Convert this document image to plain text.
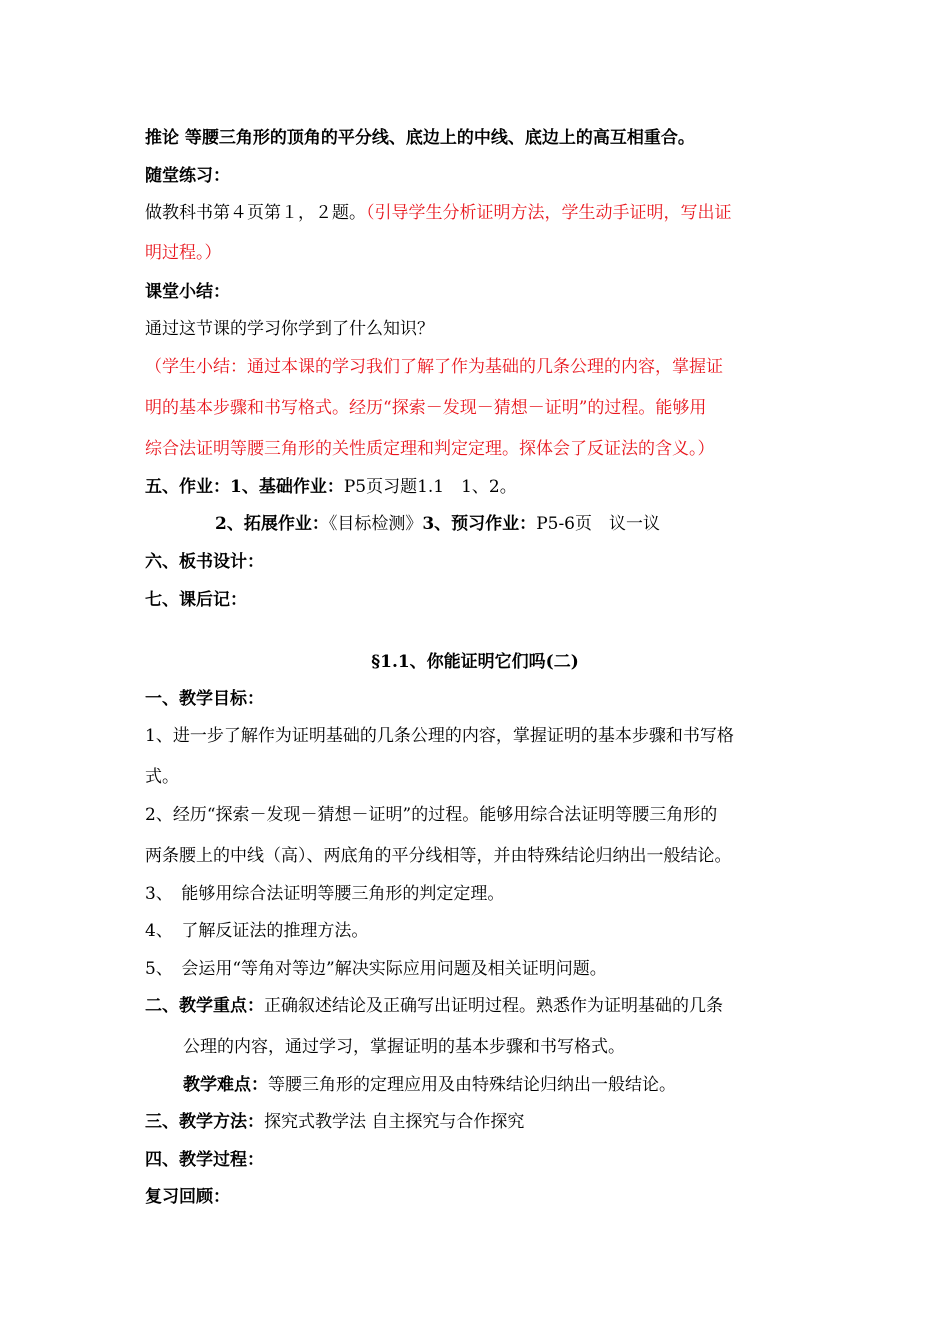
推论 等腰三角形的顶角的平分线、底边上的中线、底边上的高互相重合。
随堂练习：
做教科书第４页第１，２题。（引导学生分析证明方法，学生动手证明，写出证
明过程。）
课堂小结：
通过这节课的学习你学到了什么知识？
（学生小结：通过本课的学习我们了解了作为基础的几条公理的内容，掌握证
明的基本步骤和书写格式。经历“探索－发现－猜想－证明”的过程。能够用
综合法证明等腰三角形的关性质定理和判定定理。探体会了反证法的含义。）
五、作业：1、基础作业：P5页习题1.1　1、2。
2、拓展作业：《目标检测》3、预习作业：P5-6页　议一议
六、板书设计：
七、课后记：
§1.1、你能证明它们吗(二)
一、教学目标：
1、进一步了解作为证明基础的几条公理的内容，掌握证明的基本步骤和书写格
式。
2、经历“探索－发现－猜想－证明”的过程。能够用综合法证明等腰三角形的
两条腰上的中线（高）、两底角的平分线相等，并由特殊结论归纳出一般结论。
3、　能够用综合法证明等腰三角形的判定定理。
4、　了解反证法的推理方法。
5、　会运用“等角对等边”解决实际应用问题及相关证明问题。
二、教学重点：正确叙述结论及正确写出证明过程。熟悉作为证明基础的几条
公理的内容，通过学习，掌握证明的基本步骤和书写格式。
教学难点：等腰三角形的定理应用及由特殊结论归纳出一般结论。
三、教学方法：探究式教学法 自主探究与合作探究
四、教学过程：
复习回顾：
